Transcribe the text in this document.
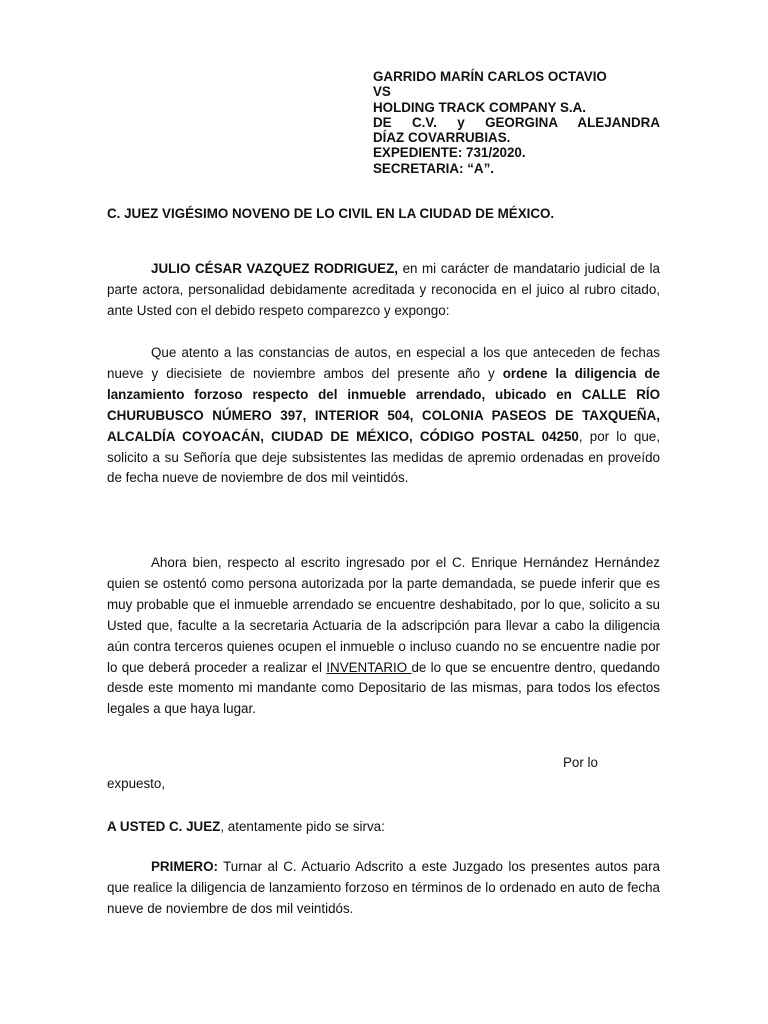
GARRIDO MARÍN CARLOS OCTAVIO
VS
HOLDING TRACK COMPANY S.A.
DE C.V. y GEORGINA ALEJANDRA
DÍAZ COVARRUBIAS.
EXPEDIENTE: 731/2020.
SECRETARIA: “A”.
C. JUEZ VIGÉSIMO NOVENO DE LO CIVIL EN LA CIUDAD DE MÉXICO.
JULIO CÉSAR VAZQUEZ RODRIGUEZ, en mi carácter de mandatario judicial de la parte actora, personalidad debidamente acreditada y reconocida en el juico al rubro citado, ante Usted con el debido respeto comparezco y expongo:
Que atento a las constancias de autos, en especial a los que anteceden de fechas nueve y diecisiete de noviembre ambos del presente año y ordene la diligencia de lanzamiento forzoso respecto del inmueble arrendado, ubicado en CALLE RÍO CHURUBUSCO NÚMERO 397, INTERIOR 504, COLONIA PASEOS DE TAXQUEÑA, ALCALDÍA COYOACÁN, CIUDAD DE MÉXICO, CÓDIGO POSTAL 04250, por lo que, solicito a su Señoría que deje subsistentes las medidas de apremio ordenadas en proveído de fecha nueve de noviembre de dos mil veintidós.
Ahora bien, respecto al escrito ingresado por el C. Enrique Hernández Hernández quien se ostentó como persona autorizada por la parte demandada, se puede inferir que es muy probable que el inmueble arrendado se encuentre deshabitado, por lo que, solicito a su Usted que, faculte a la secretaria Actuaria de la adscripción para llevar a cabo la diligencia aún contra terceros quienes ocupen el inmueble o incluso cuando no se encuentre nadie por lo que deberá proceder a realizar el INVENTARIO de lo que se encuentre dentro, quedando desde este momento mi mandante como Depositario de las mismas, para todos los efectos legales a que haya lugar.
Por lo
expuesto,
A USTED C. JUEZ, atentamente pido se sirva:
PRIMERO: Turnar al C. Actuario Adscrito a este Juzgado los presentes autos para que realice la diligencia de lanzamiento forzoso en términos de lo ordenado en auto de fecha nueve de noviembre de dos mil veintidós.
